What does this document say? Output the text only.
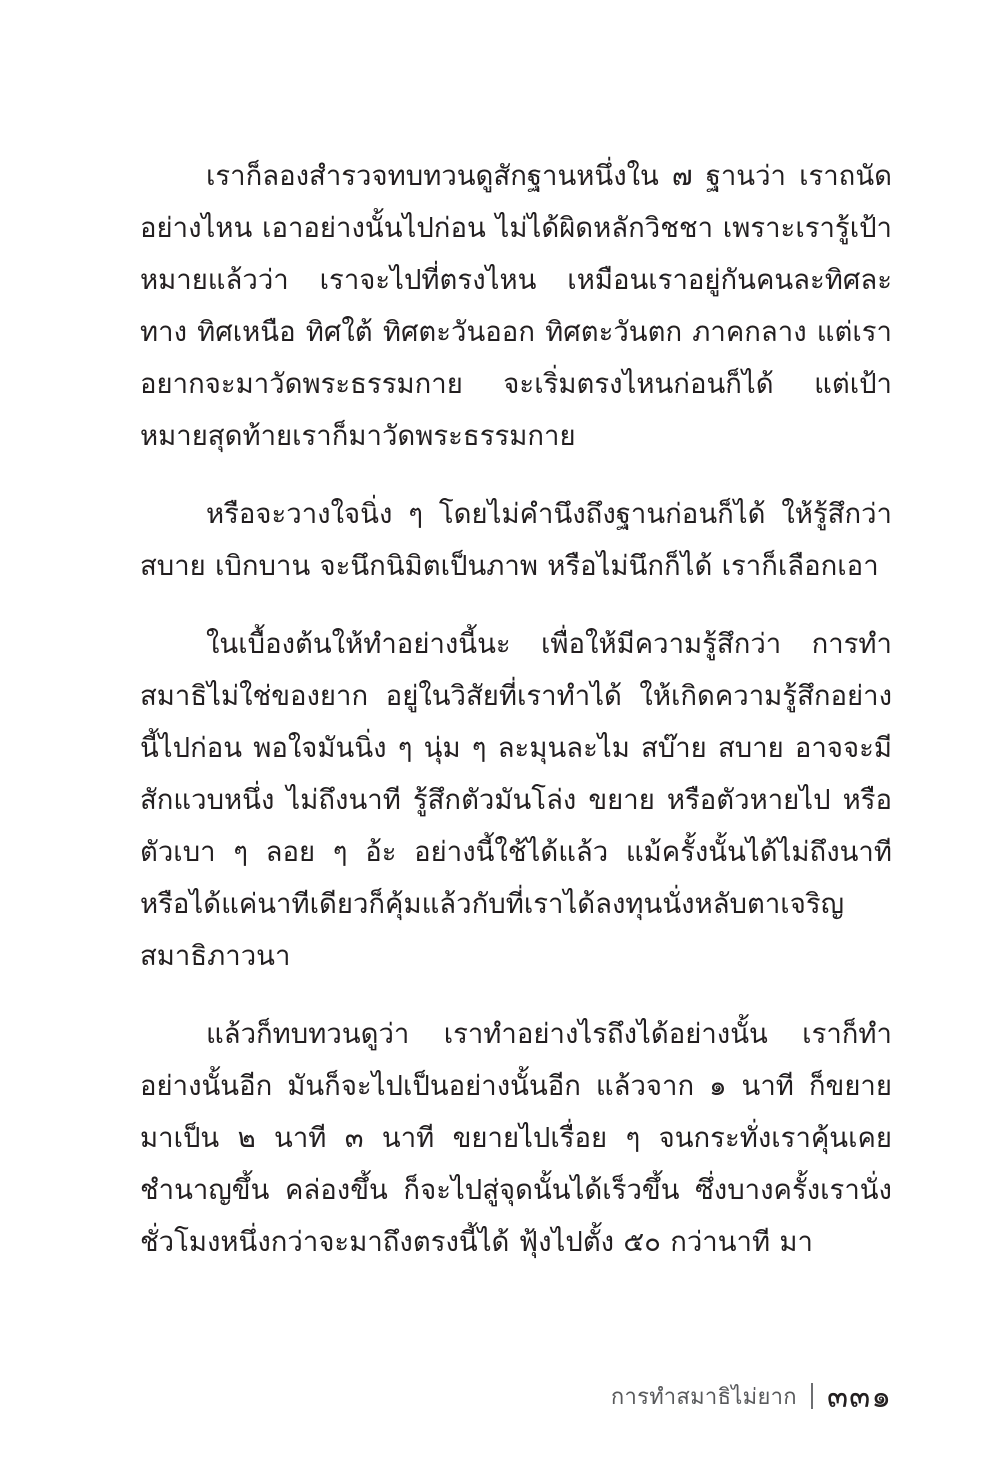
เราก็ลองสำรวจทบทวนดูสักฐานหนึ่งใน ๗ ฐานว่า เราถนัดอย่างไหน เอาอย่างนั้นไปก่อน ไม่ได้ผิดหลักวิชชา เพราะเรารู้เป้าหมายแล้วว่า เราจะไปที่ตรงไหน เหมือนเราอยู่กันคนละทิศละทาง ทิศเหนือ ทิศใต้ ทิศตะวันออก ทิศตะวันตก ภาคกลาง แต่เราอยากจะมาวัดพระธรรมกาย จะเริ่มตรงไหนก่อนก็ได้ แต่เป้าหมายสุดท้ายเราก็มาวัดพระธรรมกาย

หรือจะวางใจนิ่ง ๆ โดยไม่คำนึงถึงฐานก่อนก็ได้ ให้รู้สึกว่า สบาย เบิกบาน จะนึกนิมิตเป็นภาพ หรือไม่นึกก็ได้ เราก็เลือกเอา

ในเบื้องต้นให้ทำอย่างนี้นะ เพื่อให้มีความรู้สึกว่า การทำสมาธิไม่ใช่ของยาก อยู่ในวิสัยที่เราทำได้ ให้เกิดความรู้สึกอย่างนี้ไปก่อน พอใจมันนิ่ง ๆ นุ่ม ๆ ละมุนละไม สบ๊าย สบาย อาจจะมีสักแวบหนึ่ง ไม่ถึงนาที รู้สึกตัวมันโล่ง ขยาย หรือตัวหายไป หรือตัวเบา ๆ ลอย ๆ อ้ะ อย่างนี้ใช้ได้แล้ว แม้ครั้งนั้นได้ไม่ถึงนาที หรือได้แค่นาทีเดียวก็คุ้มแล้วกับที่เราได้ลงทุนนั่งหลับตาเจริญสมาธิภาวนา

แล้วก็ทบทวนดูว่า เราทำอย่างไรถึงได้อย่างนั้น เราก็ทำอย่างนั้นอีก มันก็จะไปเป็นอย่างนั้นอีก แล้วจาก ๑ นาที ก็ขยายมาเป็น ๒ นาที ๓ นาที ขยายไปเรื่อย ๆ จนกระทั่งเราคุ้นเคยชำนาญขึ้น คล่องขึ้น ก็จะไปสู่จุดนั้นได้เร็วขึ้น ซึ่งบางครั้งเรานั่งชั่วโมงหนึ่งกว่าจะมาถึงตรงนี้ได้ ฟุ้งไปตั้ง ๕๐ กว่านาที มา

การทำสมาธิไม่ยาก ๓๓๑
